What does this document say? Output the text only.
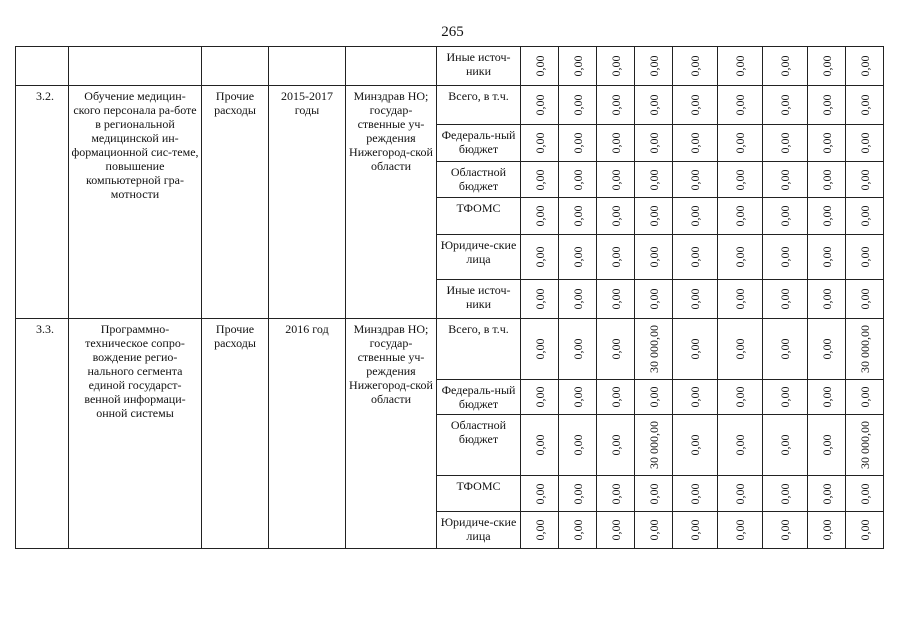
265
					Иные источ-ники	0,00	0,00	0,00	0,00	0,00	0,00	0,00	0,00	0,00

3.2.	Обучение медицин-ского персонала ра-боте в региональной медицинской ин-формационной сис-теме, повышение компьютерной гра-мотности	Прочие расходы	2015-2017 годы	Минздрав НО; государ-ственные уч-реждения Нижегород-ской области	Всего, в т.ч.	0,00	0,00	0,00	0,00	0,00	0,00	0,00	0,00	0,00

					Федераль-ный бюджет	0,00	0,00	0,00	0,00	0,00	0,00	0,00	0,00	0,00

					Областной бюджет	0,00	0,00	0,00	0,00	0,00	0,00	0,00	0,00	0,00

					ТФОМС	0,00	0,00	0,00	0,00	0,00	0,00	0,00	0,00	0,00

					Юридиче-ские лица	0,00	0,00	0,00	0,00	0,00	0,00	0,00	0,00	0,00

					Иные источ-ники	0,00	0,00	0,00	0,00	0,00	0,00	0,00	0,00	0,00

3.3.	Программно-техническое сопро-вождение регио-нального сегмента единой государст-венной информаци-онной системы	Прочие расходы	2016 год	Минздрав НО; государ-ственные уч-реждения Нижегород-ской области	Всего, в т.ч.	0,00	0,00	0,00	30 000,00	0,00	0,00	0,00	0,00	30 000,00

					Федераль-ный бюджет	0,00	0,00	0,00	0,00	0,00	0,00	0,00	0,00	0,00

					Областной бюджет	0,00	0,00	0,00	30 000,00	0,00	0,00	0,00	0,00	30 000,00

					ТФОМС	0,00	0,00	0,00	0,00	0,00	0,00	0,00	0,00	0,00

					Юридиче-ские лица	0,00	0,00	0,00	0,00	0,00	0,00	0,00	0,00	0,00
